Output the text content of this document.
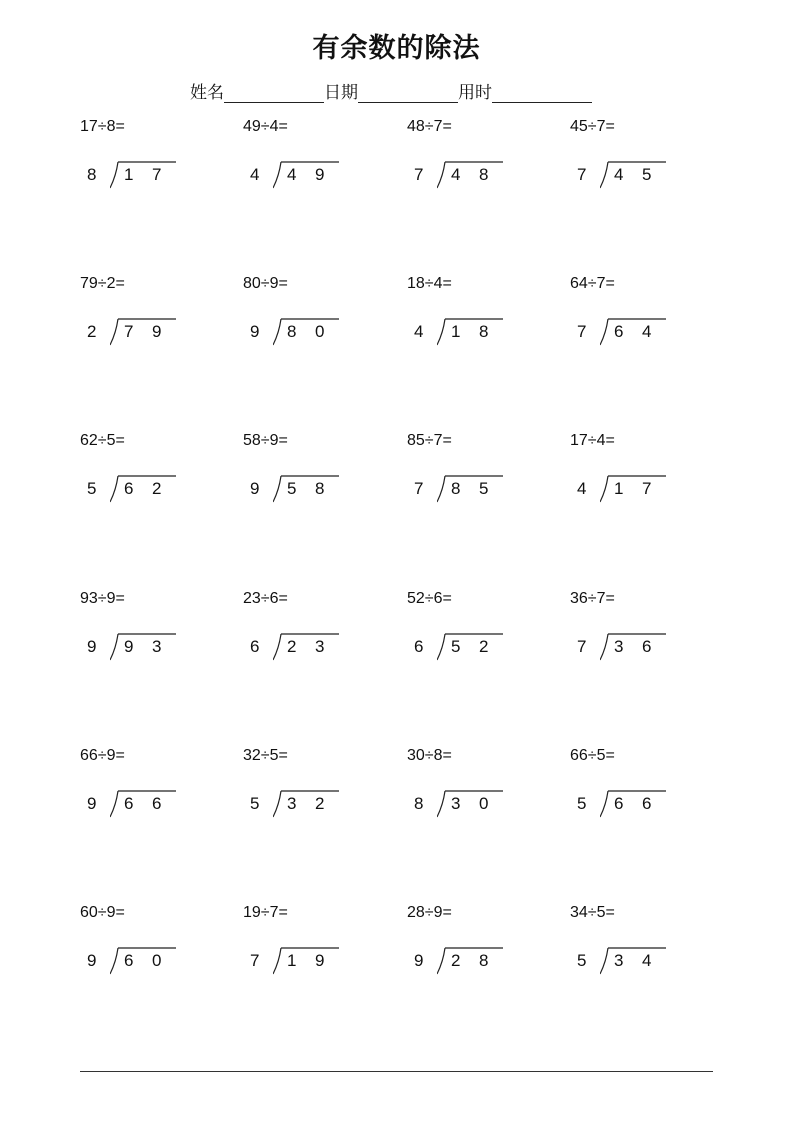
有余数的除法
姓名	日期	用时
17÷8=
8 1 7
49÷4=
4 4 9
48÷7=
7 4 8
45÷7=
7 4 5
79÷2=
2 7 9
80÷9=
9 8 0
18÷4=
4 1 8
64÷7=
7 6 4
62÷5=
5 6 2
58÷9=
9 5 8
85÷7=
7 8 5
17÷4=
4 1 7
93÷9=
9 9 3
23÷6=
6 2 3
52÷6=
6 5 2
36÷7=
7 3 6
66÷9=
9 6 6
32÷5=
5 3 2
30÷8=
8 3 0
66÷5=
5 6 6
60÷9=
9 6 0
19÷7=
7 1 9
28÷9=
9 2 8
34÷5=
5 3 4
